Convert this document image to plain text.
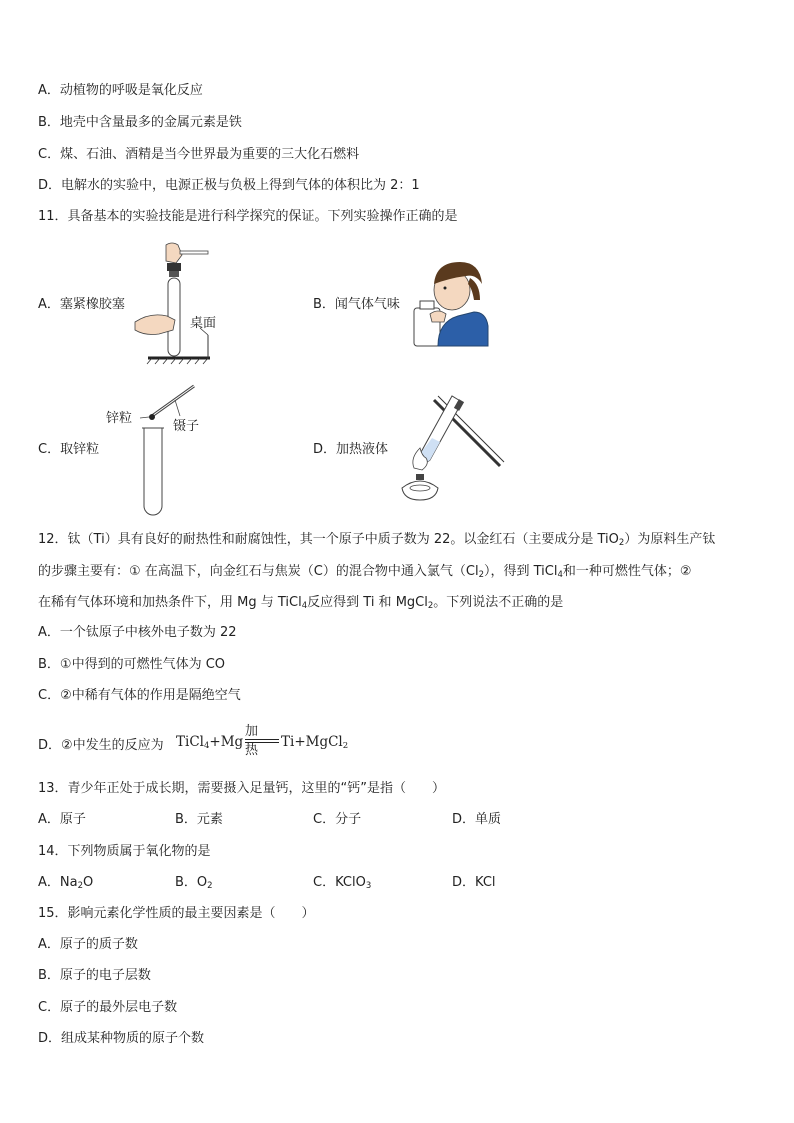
A．动植物的呼吸是氧化反应
B．地壳中含量最多的金属元素是铁
C．煤、石油、酒精是当今世界最为重要的三大化石燃料
D．电解水的实验中，电源正极与负极上得到气体的体积比为 2：1
11．具备基本的实验技能是进行科学探究的保证。下列实验操作正确的是
A．塞紧橡胶塞
桌面
B．闻气体气味
C．取锌粒
锌粒
镊子
D．加热液体
12．钛（Ti）具有良好的耐热性和耐腐蚀性，其一个原子中质子数为 22。以金红石（主要成分是 TiO$_2$）为原料生产钛
的步骤主要有：① 在高温下，向金红石与焦炭（C）的混合物中通入氯气$(Cl_2)$，得到 TiCl$_4$和一种可燃性气体；②
在稀有气体环境和加热条件下，用 Mg 与 TiCl$_4$反应得到 Ti 和 MgCl$_2$。下列说法不正确的是
A．一个钛原子中核外电子数为 22
B．①中得到的可燃性气体为 CO
C．②中稀有气体的作用是隔绝空气
D．②中发生的反应为 TiCl$_4$+Mg
加热
Ti+MgCl$_2$
13．青少年正处于成长期，需要摄入足量钙，这里的“钙”是指（　　）
A．原子	B．元素	C．分子	D．单质
14．下列物质属于氧化物的是
A．$Na_2O$	B．$O_2$	C．KClO$_3$	D．KCl
15．影响元素化学性质的最主要因素是（　　）
A．原子的质子数
B．原子的电子层数
C．原子的最外层电子数
D．组成某种物质的原子个数
